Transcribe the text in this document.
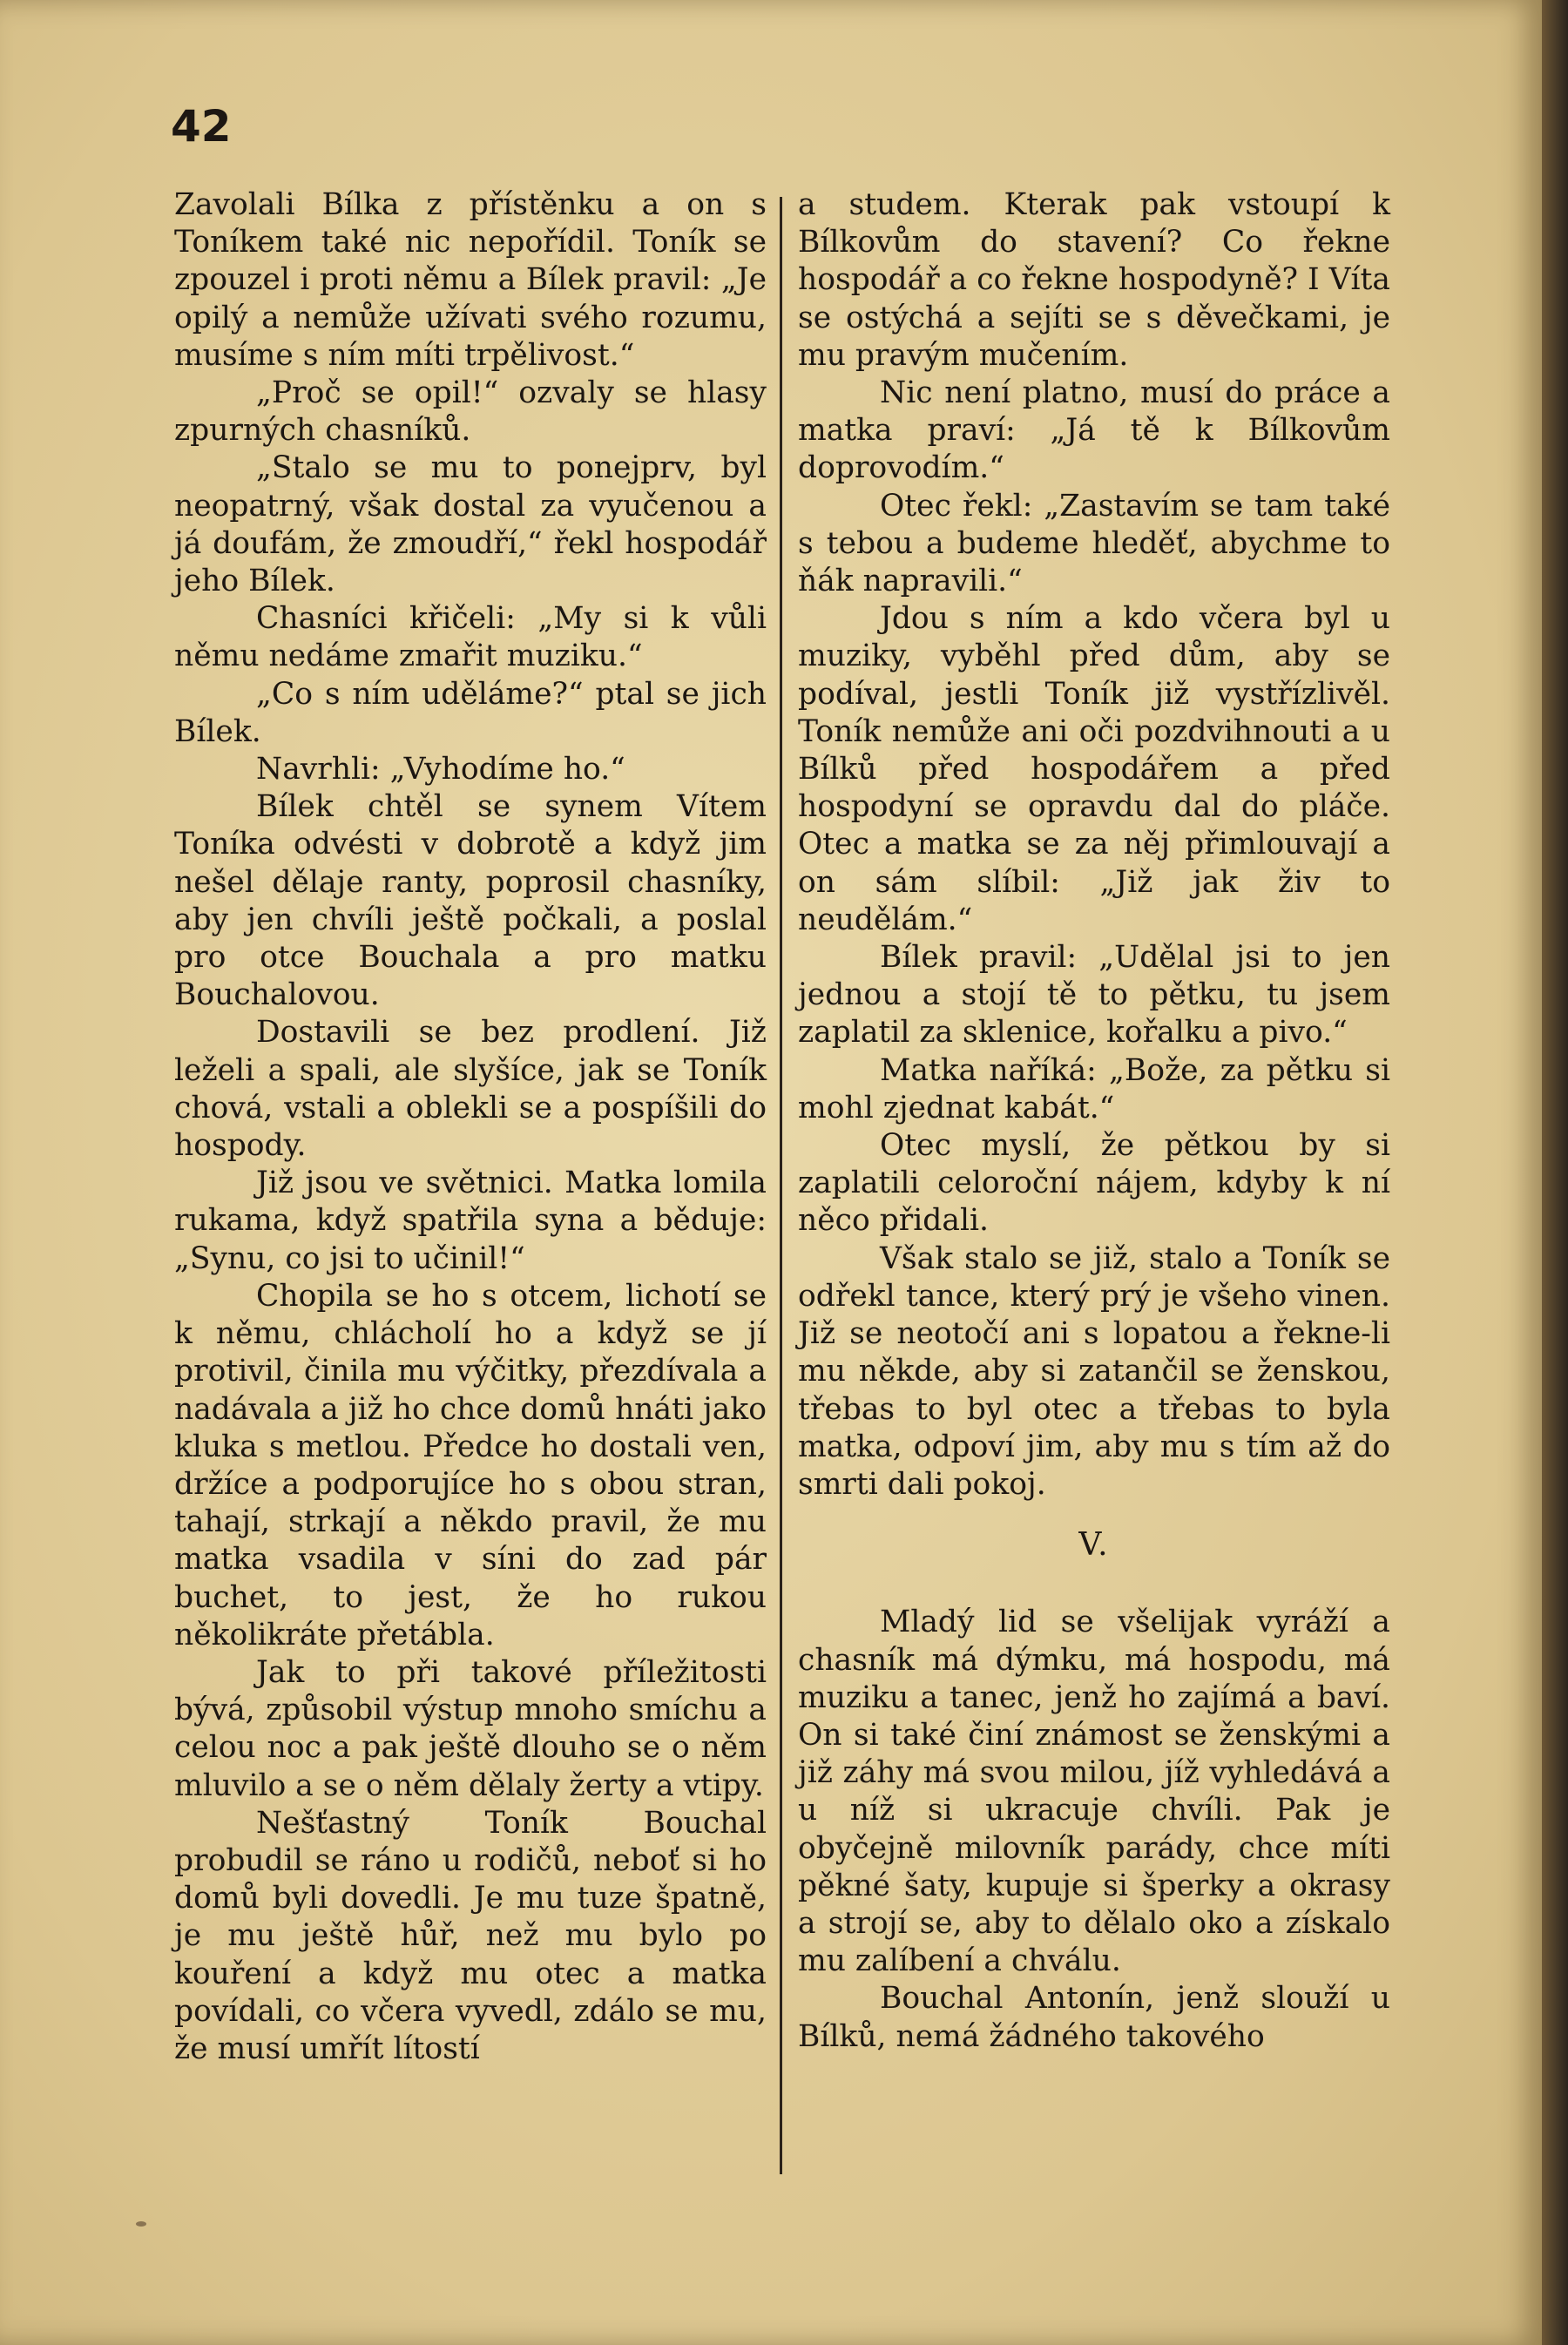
42

Zavolali Bílka z přístěnku a on s Toníkem také nic nepořídil. Toník se zpouzel i proti němu a Bílek pravil: „Je opilý a nemůže užívati svého rozumu, musíme s ním míti trpělivost.“

„Proč se opil!“ ozvaly se hlasy zpurných chasníků.

„Stalo se mu to ponejprv, byl neopatrný, však dostal za vyučenou a já doufám, že zmoudří,“ řekl hospodář jeho Bílek.

Chasníci křičeli: „My si k vůli němu nedáme zmařit muziku.“

„Co s ním uděláme?“ ptal se jich Bílek.

Navrhli: „Vyhodíme ho.“

Bílek chtěl se synem Vítem Toníka odvésti v dobrotě a když jim nešel dělaje ranty, poprosil chasníky, aby jen chvíli ještě počkali, a poslal pro otce Bouchala a pro matku Bouchalovou.

Dostavili se bez prodlení. Již leželi a spali, ale slyšíce, jak se Toník chová, vstali a oblekli se a pospíšili do hospody.

Již jsou ve světnici. Matka lomila rukama, když spatřila syna a běduje: „Synu, co jsi to učinil!“

Chopila se ho s otcem, lichotí se k němu, chlácholí ho a když se jí protivil, činila mu výčitky, přezdívala a nadávala a již ho chce domů hnáti jako kluka s metlou. Předce ho dostali ven, držíce a podporujíce ho s obou stran, tahají, strkají a někdo pravil, že mu matka vsadila v síni do zad pár buchet, to jest, že ho rukou několikráte přetábla.

Jak to při takové příležitosti bývá, způsobil výstup mnoho smíchu a celou noc a pak ještě dlouho se o něm mluvilo a se o něm dělaly žerty a vtipy.

Nešťastný Toník Bouchal probudil se ráno u rodičů, neboť si ho domů byli dovedli. Je mu tuze špatně, je mu ještě hůř, než mu bylo po kouření a když mu otec a matka povídali, co včera vyvedl, zdálo se mu, že musí umřít lítostí

a studem. Kterak pak vstoupí k Bílkovům do stavení? Co řekne hospodář a co řekne hospodyně? I Víta se ostýchá a sejíti se s děvečkami, je mu pravým mučením.

Nic není platno, musí do práce a matka praví: „Já tě k Bílkovům doprovodím.“

Otec řekl: „Zastavím se tam také s tebou a budeme hleděť, abychme to ňák napravili.“

Jdou s ním a kdo včera byl u muziky, vyběhl před dům, aby se podíval, jestli Toník již vystřízlivěl. Toník nemůže ani oči pozdvihnouti a u Bílků před hospodářem a před hospodyní se opravdu dal do pláče. Otec a matka se za něj přimlouvají a on sám slíbil: „Již jak živ to neudělám.“

Bílek pravil: „Udělal jsi to jen jednou a stojí tě to pětku, tu jsem zaplatil za sklenice, kořalku a pivo.“

Matka naříká: „Bože, za pětku si mohl zjednat kabát.“

Otec myslí, že pětkou by si zaplatili celoroční nájem, kdyby k ní něco přidali.

Však stalo se již, stalo a Toník se odřekl tance, který prý je všeho vinen. Již se neotočí ani s lopatou a řekne-li mu někde, aby si zatančil se ženskou, třebas to byl otec a třebas to byla matka, odpoví jim, aby mu s tím až do smrti dali pokoj.

V.

Mladý lid se všelijak vyráží a chasník má dýmku, má hospodu, má muziku a tanec, jenž ho zajímá a baví. On si také činí známost se ženskými a již záhy má svou milou, jíž vyhledává a u níž si ukracuje chvíli. Pak je obyčejně milovník parády, chce míti pěkné šaty, kupuje si šperky a okrasy a strojí se, aby to dělalo oko a získalo mu zalíbení a chválu.

Bouchal Antonín, jenž slouží u Bílků, nemá žádného takového
